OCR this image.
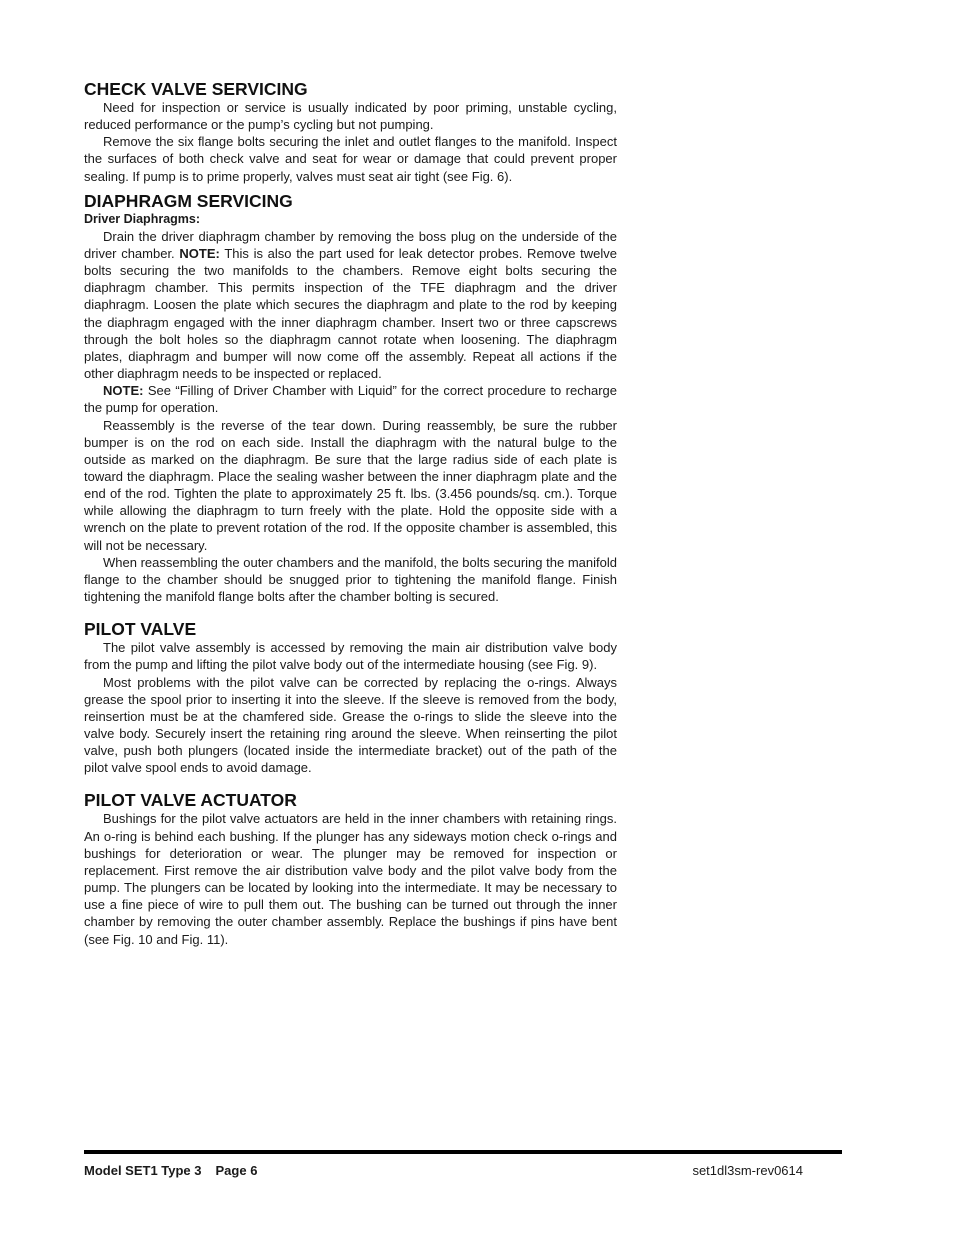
CHECK VALVE SERVICING

Need for inspection or service is usually indicated by poor priming, unstable cycling, reduced performance or the pump’s cycling but not pumping.

Remove the six flange bolts securing the inlet and outlet flanges to the manifold. Inspect the surfaces of both check valve and seat for wear or damage that could prevent proper sealing. If pump is to prime properly, valves must seat air tight (see Fig. 6).

DIAPHRAGM SERVICING
Driver Diaphragms:

Drain the driver diaphragm chamber by removing the boss plug on the underside of the driver chamber. NOTE: This is also the part used for leak detector probes. Remove twelve bolts securing the two manifolds to the chambers. Remove eight bolts securing the diaphragm chamber. This permits inspection of the TFE diaphragm and the driver diaphragm. Loosen the plate which secures the diaphragm and plate to the rod by keeping the diaphragm engaged with the inner diaphragm chamber. Insert two or three capscrews through the bolt holes so the diaphragm cannot rotate when loosening. The diaphragm plates, diaphragm and bumper will now come off the assembly. Repeat all actions if the other diaphragm needs to be inspected or replaced.

NOTE: See “Filling of Driver Chamber with Liquid” for the correct procedure to recharge the pump for operation.

Reassembly is the reverse of the tear down. During reassembly, be sure the rubber bumper is on the rod on each side. Install the diaphragm with the natural bulge to the outside as marked on the diaphragm. Be sure that the large radius side of each plate is toward the diaphragm. Place the sealing washer between the inner diaphragm plate and the end of the rod. Tighten the plate to approximately 25 ft. lbs. (3.456 pounds/sq. cm.). Torque while allowing the diaphragm to turn freely with the plate. Hold the opposite side with a wrench on the plate to prevent rotation of the rod. If the opposite chamber is assembled, this will not be necessary.

When reassembling the outer chambers and the manifold, the bolts securing the manifold flange to the chamber should be snugged prior to tightening the manifold flange. Finish tightening the manifold flange bolts after the chamber bolting is secured.

PILOT VALVE

The pilot valve assembly is accessed by removing the main air distribution valve body from the pump and lifting the pilot valve body out of the intermediate housing (see Fig. 9).

Most problems with the pilot valve can be corrected by replacing the o-rings. Always grease the spool prior to inserting it into the sleeve. If the sleeve is removed from the body, reinsertion must be at the chamfered side. Grease the o-rings to slide the sleeve into the valve body. Securely insert the retaining ring around the sleeve. When reinserting the pilot valve, push both plungers (located inside the intermediate bracket) out of the path of the pilot valve spool ends to avoid damage.

PILOT VALVE ACTUATOR

Bushings for the pilot valve actuators are held in the inner chambers with retaining rings. An o-ring is behind each bushing. If the plunger has any sideways motion check o-rings and bushings for deterioration or wear. The plunger may be removed for inspection or replacement. First remove the air distribution valve body and the pilot valve body from the pump. The plungers can be located by looking into the intermediate. It may be necessary to use a fine piece of wire to pull them out. The bushing can be turned out through the inner chamber by removing the outer chamber assembly. Replace the bushings if pins have bent (see Fig. 10 and Fig. 11).

Model SET1 Type 3 Page 6	set1dl3sm-rev0614
